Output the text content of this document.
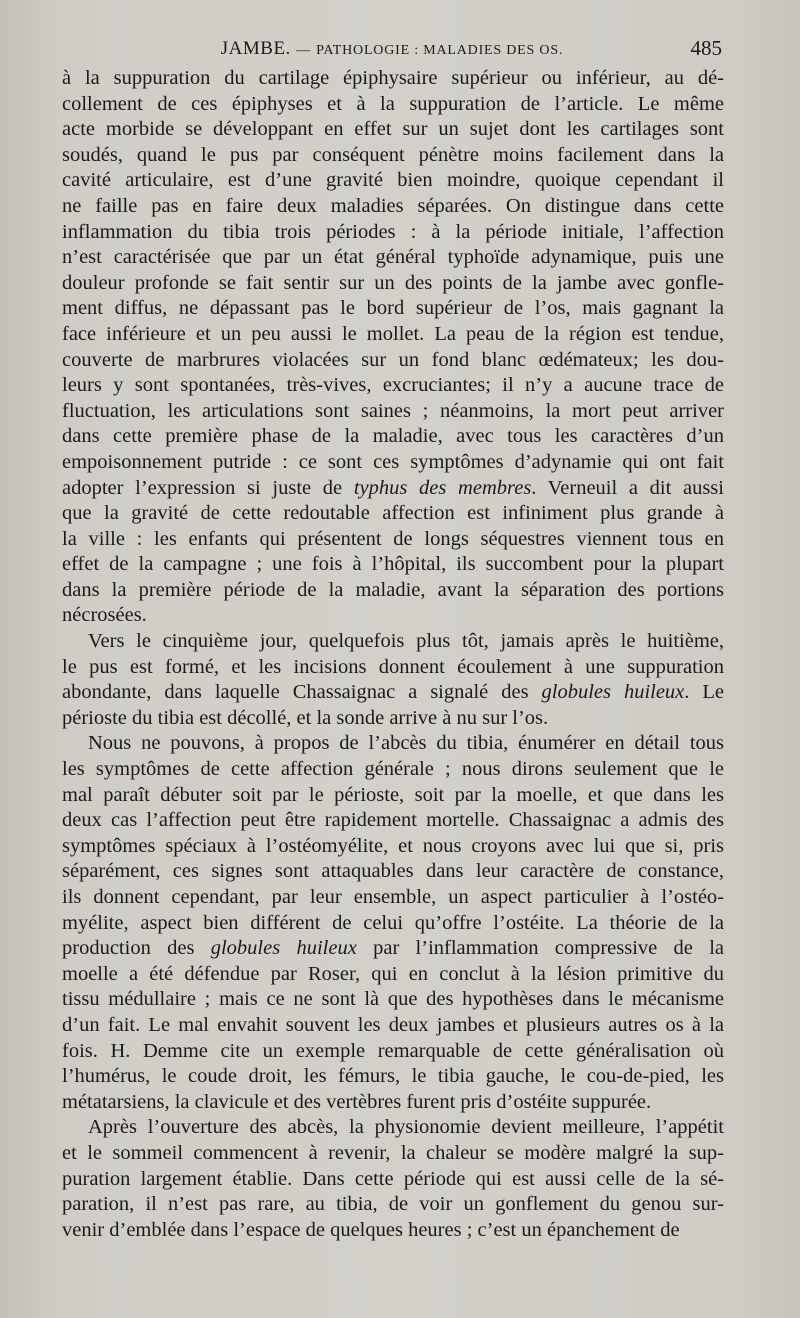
JAMBE. — PATHOLOGIE : MALADIES DES OS.	485
à la suppuration du cartilage épiphysaire supérieur ou inférieur, au dé-
collement de ces épiphyses et à la suppuration de l’article. Le même
acte morbide se développant en effet sur un sujet dont les cartilages sont
soudés, quand le pus par conséquent pénètre moins facilement dans la
cavité articulaire, est d’une gravité bien moindre, quoique cependant il
ne faille pas en faire deux maladies séparées. On distingue dans cette
inflammation du tibia trois périodes : à la période initiale, l’affection
n’est caractérisée que par un état général typhoïde adynamique, puis une
douleur profonde se fait sentir sur un des points de la jambe avec gonfle-
ment diffus, ne dépassant pas le bord supérieur de l’os, mais gagnant la
face inférieure et un peu aussi le mollet. La peau de la région est tendue,
couverte de marbrures violacées sur un fond blanc œdémateux; les dou-
leurs y sont spontanées, très-vives, excruciantes; il n’y a aucune trace de
fluctuation, les articulations sont saines ; néanmoins, la mort peut arriver
dans cette première phase de la maladie, avec tous les caractères d’un
empoisonnement putride : ce sont ces symptômes d’adynamie qui ont fait
adopter l’expression si juste de typhus des membres. Verneuil a dit aussi
que la gravité de cette redoutable affection est infiniment plus grande à
la ville : les enfants qui présentent de longs séquestres viennent tous en
effet de la campagne ; une fois à l’hôpital, ils succombent pour la plupart
dans la première période de la maladie, avant la séparation des portions
nécrosées.
Vers le cinquième jour, quelquefois plus tôt, jamais après le huitième,
le pus est formé, et les incisions donnent écoulement à une suppuration
abondante, dans laquelle Chassaignac a signalé des globules huileux. Le
périoste du tibia est décollé, et la sonde arrive à nu sur l’os.
Nous ne pouvons, à propos de l’abcès du tibia, énumérer en détail tous
les symptômes de cette affection générale ; nous dirons seulement que le
mal paraît débuter soit par le périoste, soit par la moelle, et que dans les
deux cas l’affection peut être rapidement mortelle. Chassaignac a admis des
symptômes spéciaux à l’ostéomyélite, et nous croyons avec lui que si, pris
séparément, ces signes sont attaquables dans leur caractère de constance,
ils donnent cependant, par leur ensemble, un aspect particulier à l’ostéo-
myélite, aspect bien différent de celui qu’offre l’ostéite. La théorie de la
production des globules huileux par l’inflammation compressive de la
moelle a été défendue par Roser, qui en conclut à la lésion primitive du
tissu médullaire ; mais ce ne sont là que des hypothèses dans le mécanisme
d’un fait. Le mal envahit souvent les deux jambes et plusieurs autres os à la
fois. H. Demme cite un exemple remarquable de cette généralisation où
l’humérus, le coude droit, les fémurs, le tibia gauche, le cou-de-pied, les
métatarsiens, la clavicule et des vertèbres furent pris d’ostéite suppurée.
Après l’ouverture des abcès, la physionomie devient meilleure, l’appétit
et le sommeil commencent à revenir, la chaleur se modère malgré la sup-
puration largement établie. Dans cette période qui est aussi celle de la sé-
paration, il n’est pas rare, au tibia, de voir un gonflement du genou sur-
venir d’emblée dans l’espace de quelques heures ; c’est un épanchement de
